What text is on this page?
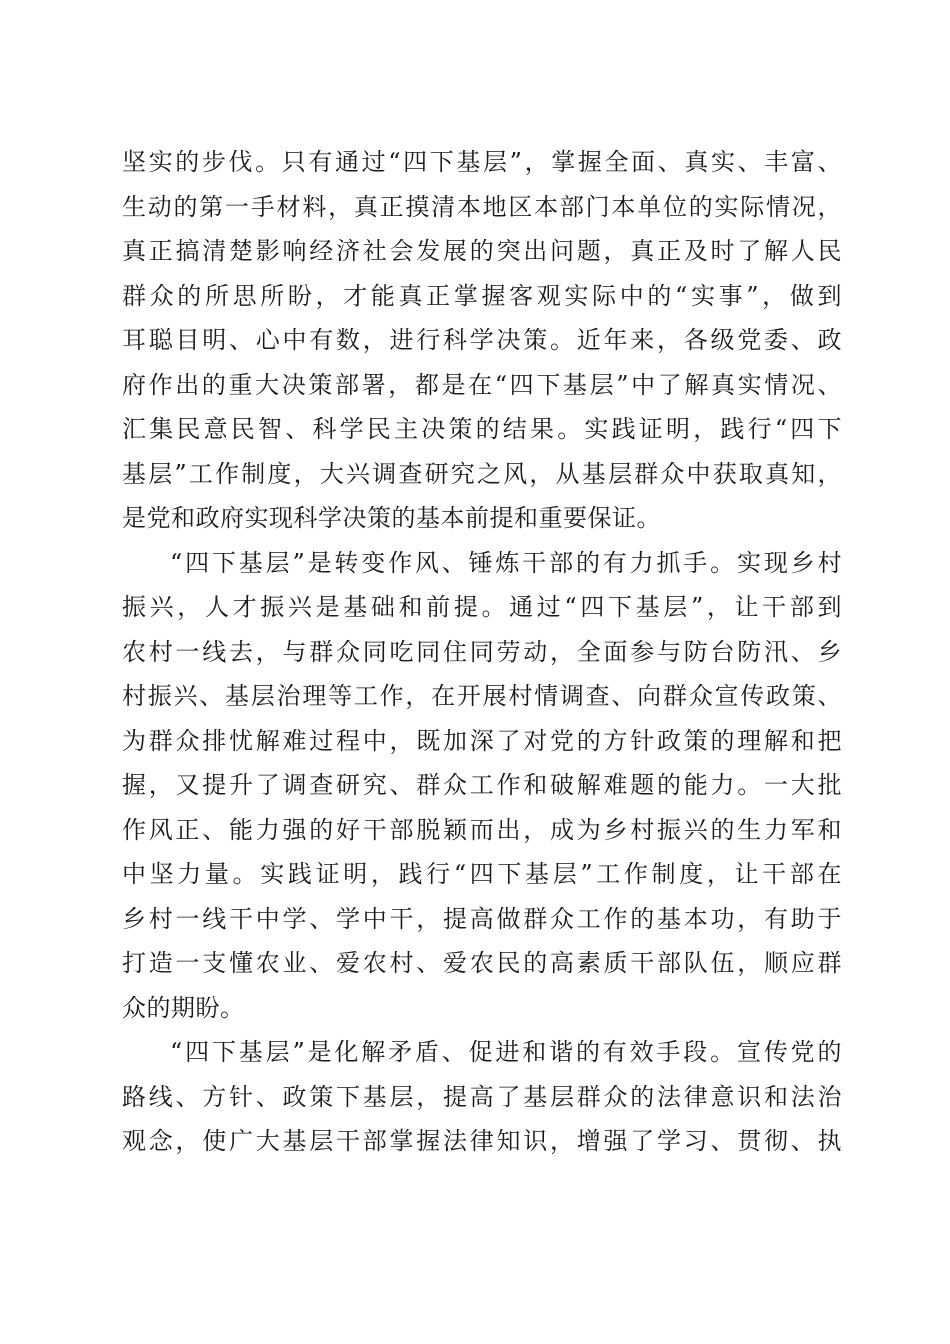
坚实的步伐。只有通过“四下基层”，掌握全面、真实、丰富、
生动的第一手材料，真正摸清本地区本部门本单位的实际情况，
真正搞清楚影响经济社会发展的突出问题，真正及时了解人民
群众的所思所盼，才能真正掌握客观实际中的“实事”，做到
耳聪目明、心中有数，进行科学决策。近年来，各级党委、政
府作出的重大决策部署，都是在“四下基层”中了解真实情况、
汇集民意民智、科学民主决策的结果。实践证明，践行“四下
基层”工作制度，大兴调查研究之风，从基层群众中获取真知，
是党和政府实现科学决策的基本前提和重要保证。
“四下基层”是转变作风、锤炼干部的有力抓手。实现乡村
振兴，人才振兴是基础和前提。通过“四下基层”，让干部到
农村一线去，与群众同吃同住同劳动，全面参与防台防汛、乡
村振兴、基层治理等工作，在开展村情调查、向群众宣传政策、
为群众排忧解难过程中，既加深了对党的方针政策的理解和把
握，又提升了调查研究、群众工作和破解难题的能力。一大批
作风正、能力强的好干部脱颖而出，成为乡村振兴的生力军和
中坚力量。实践证明，践行“四下基层”工作制度，让干部在
乡村一线干中学、学中干，提高做群众工作的基本功，有助于
打造一支懂农业、爱农村、爱农民的高素质干部队伍，顺应群
众的期盼。
“四下基层”是化解矛盾、促进和谐的有效手段。宣传党的
路线、方针、政策下基层，提高了基层群众的法律意识和法治
观念，使广大基层干部掌握法律知识，增强了学习、贯彻、执
